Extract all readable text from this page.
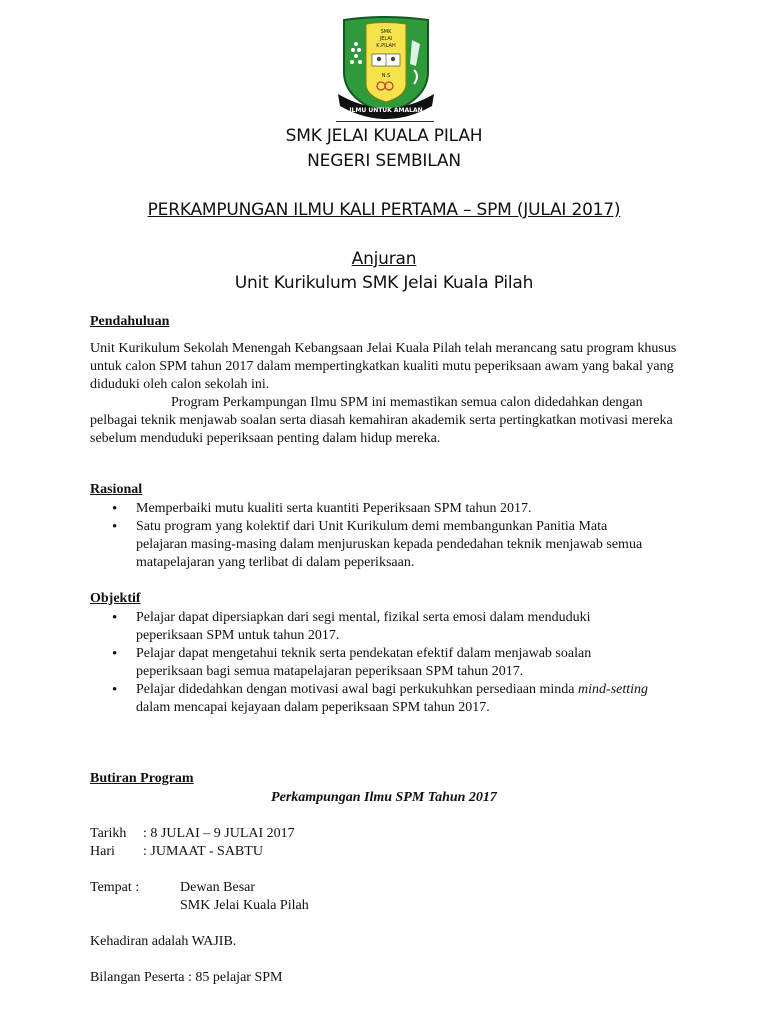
ILMU UNTUK AMALAN
SMK
JELAI
K.PILAH
N.S
SMK JELAI KUALA PILAH
NEGERI SEMBILAN
PERKAMPUNGAN ILMU KALI PERTAMA – SPM (JULAI 2017)
Anjuran
Unit Kurikulum SMK Jelai Kuala Pilah
Pendahuluan

Unit Kurikulum Sekolah Menengah Kebangsaan Jelai Kuala Pilah telah merancang satu program khusus untuk calon SPM tahun 2017 dalam mempertingkatkan kualiti mutu peperiksaan awam yang bakal yang diduduki oleh calon sekolah ini.

Program Perkampungan Ilmu SPM ini memastikan semua calon didedahkan dengan pelbagai teknik menjawab soalan serta diasah kemahiran akademik serta pertingkatkan motivasi mereka sebelum menduduki peperiksaan penting dalam hidup mereka.

Rasional
• Memperbaiki mutu kualiti serta kuantiti Peperiksaan SPM tahun 2017.
• Satu program yang kolektif dari Unit Kurikulum demi membangunkan Panitia Mata pelajaran masing-masing dalam menjuruskan kepada pendedahan teknik menjawab semua matapelajaran yang terlibat di dalam peperiksaan.
Objektif
• Pelajar dapat dipersiapkan dari segi mental, fizikal serta emosi dalam menduduki peperiksaan SPM untuk tahun 2017.
• Pelajar dapat mengetahui teknik serta pendekatan efektif dalam menjawab soalan peperiksaan bagi semua matapelajaran peperiksaan SPM tahun 2017.
• Pelajar didedahkan dengan motivasi awal bagi perkukuhkan persediaan minda mind-setting dalam mencapai kejayaan dalam peperiksaan SPM tahun 2017.
Butiran Program
Perkampungan Ilmu SPM Tahun 2017
Tarikh : 8 JULAI – 9 JULAI 2017
Hari : JUMAAT - SABTU
Tempat :	Dewan Besar
SMK Jelai Kuala Pilah
Kehadiran adalah WAJIB.
Bilangan Peserta : 85 pelajar SPM
